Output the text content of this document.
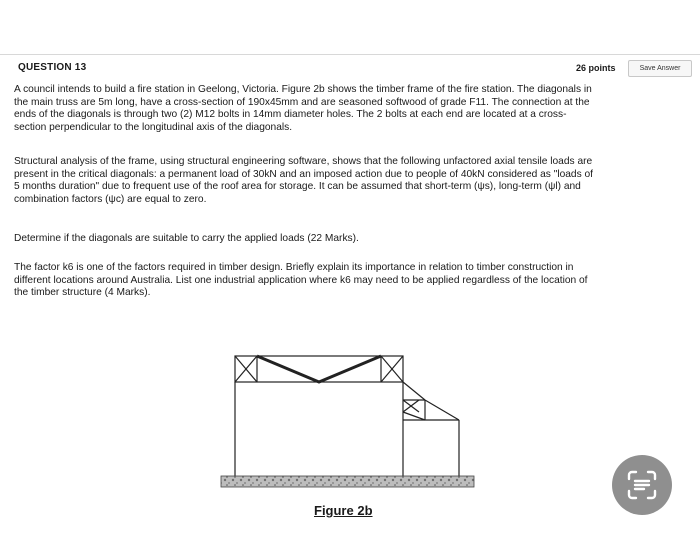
QUESTION 13	26 points	Save Answer

A council intends to build a fire station in Geelong, Victoria. Figure 2b shows the timber frame of the fire station. The diagonals in
the main truss are 5m long, have a cross-section of 190x45mm and are seasoned softwood of grade F11. The connection at the
ends of the diagonals is through two (2) M12 bolts in 14mm diameter holes. The 2 bolts at each end are located at a cross-
section perpendicular to the longitudinal axis of the diagonals.

Structural analysis of the frame, using structural engineering software, shows that the following unfactored axial tensile loads are
present in the critical diagonals: a permanent load of 30kN and an imposed action due to people of 40kN considered as "loads of
5 months duration" due to frequent use of the roof area for storage. It can be assumed that short-term (ψs), long-term (ψl) and
combination factors (ψc) are equal to zero.

Determine if the diagonals are suitable to carry the applied loads (22 Marks).

The factor k6 is one of the factors required in timber design. Briefly explain its importance in relation to timber construction in
different locations around Australia. List one industrial application where k6 may need to be applied regardless of the location of
the timber structure (4 Marks).

Figure 2b
